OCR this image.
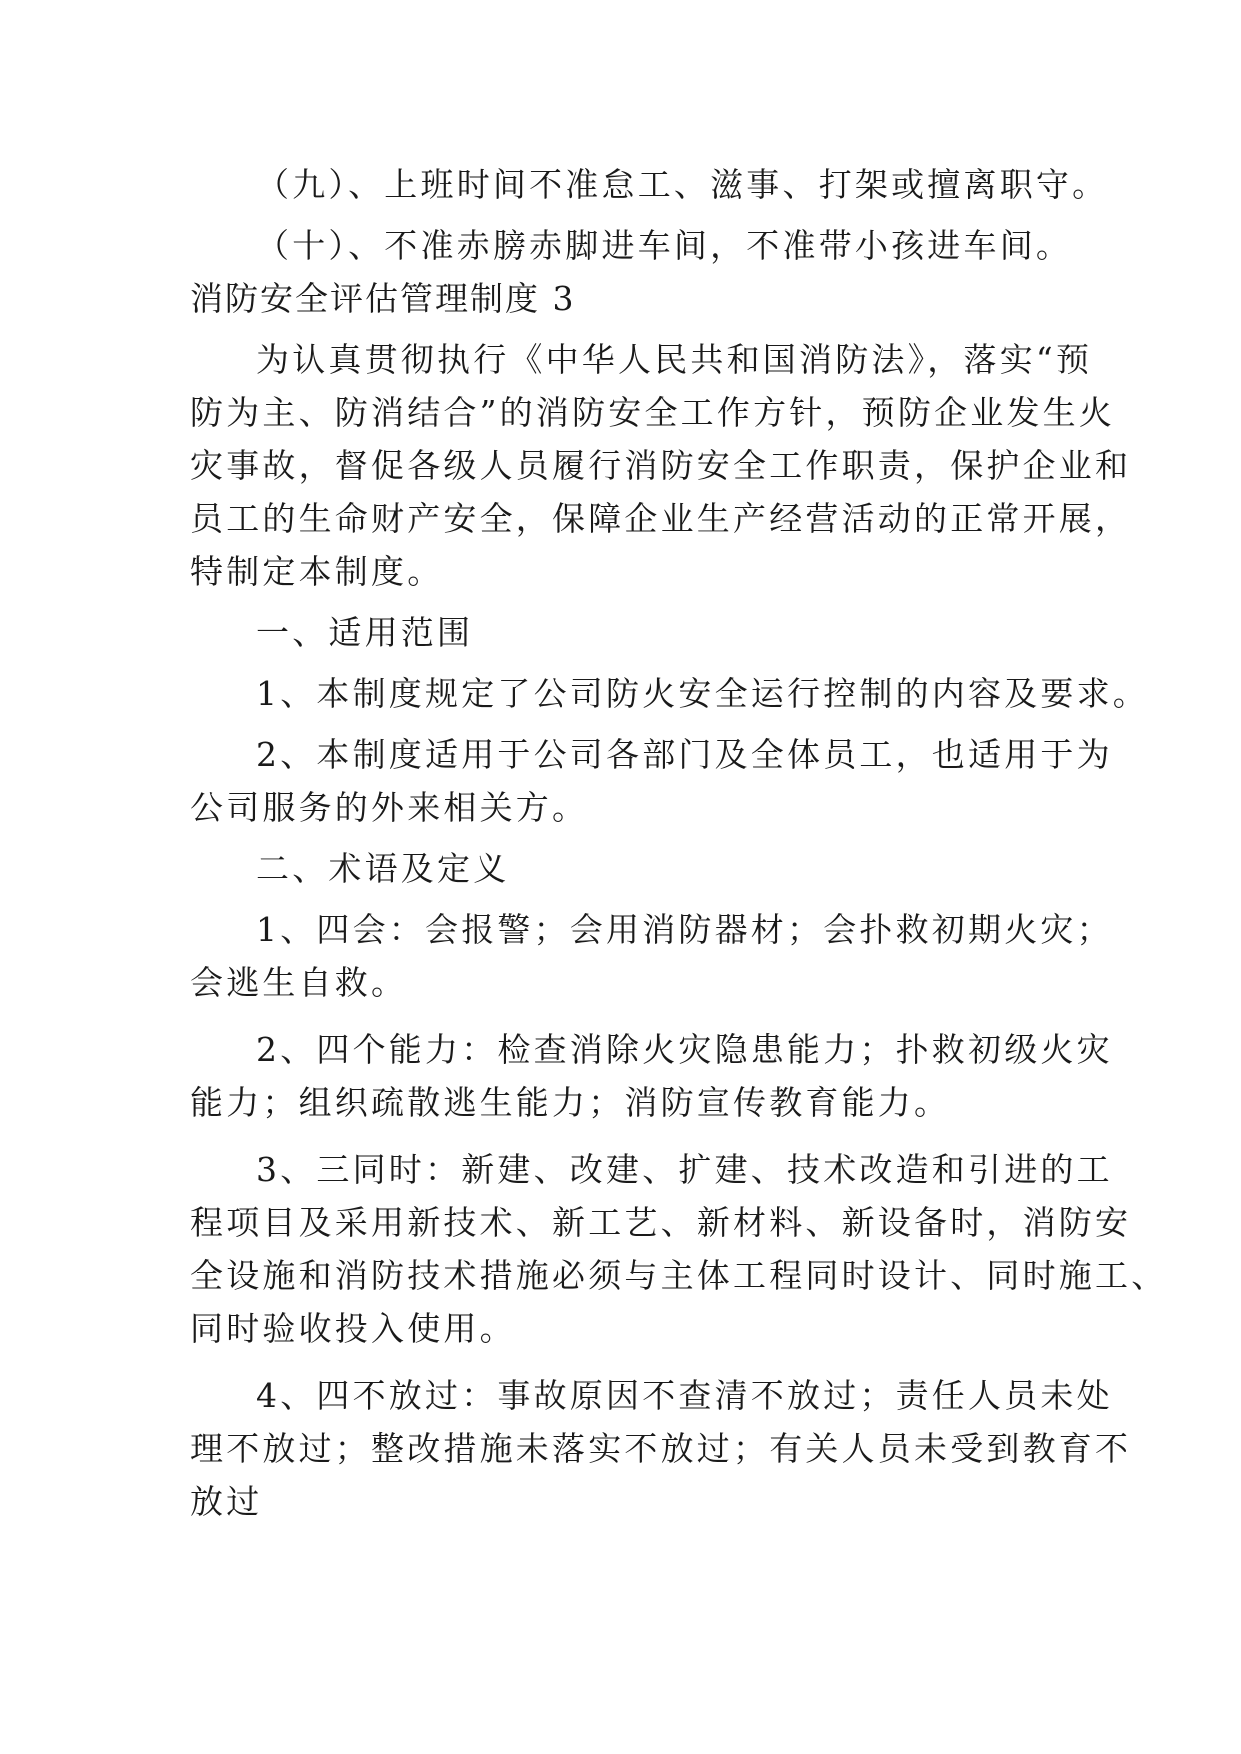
（九）、上班时间不准怠工、滋事、打架或擅离职守。

（十）、不准赤膀赤脚进车间，不准带小孩进车间。

消防安全评估管理制度 3

为认真贯彻执行《中华人民共和国消防法》，落实“预

防为主、防消结合”的消防安全工作方针，预防企业发生火

灾事故，督促各级人员履行消防安全工作职责，保护企业和

员工的生命财产安全，保障企业生产经营活动的正常开展，

特制定本制度。

一、适用范围

1、本制度规定了公司防火安全运行控制的内容及要求。

2、本制度适用于公司各部门及全体员工，也适用于为

公司服务的外来相关方。

二、术语及定义

1、四会：会报警；会用消防器材；会扑救初期火灾；

会逃生自救。

2、四个能力：检查消除火灾隐患能力；扑救初级火灾

能力；组织疏散逃生能力；消防宣传教育能力。

3、三同时：新建、改建、扩建、技术改造和引进的工

程项目及采用新技术、新工艺、新材料、新设备时，消防安

全设施和消防技术措施必须与主体工程同时设计、同时施工、

同时验收投入使用。

4、四不放过：事故原因不查清不放过；责任人员未处

理不放过；整改措施未落实不放过；有关人员未受到教育不

放过
